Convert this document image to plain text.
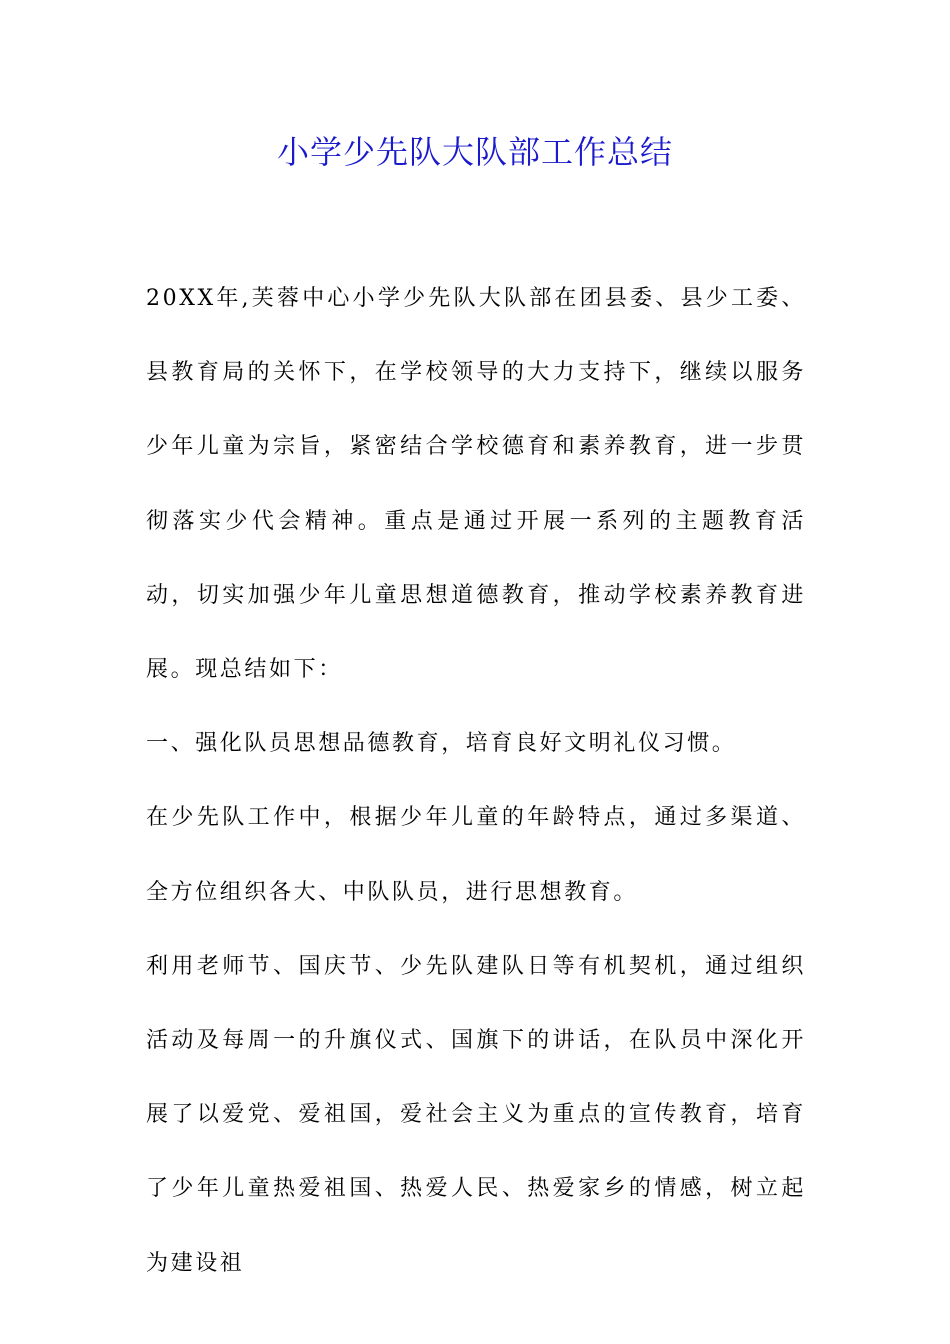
小学少先队大队部工作总结

20XX年,芙蓉中心小学少先队大队部在团县委、县少工委、县教育局的关怀下，在学校领导的大力支持下，继续以服务少年儿童为宗旨，紧密结合学校德育和素养教育，进一步贯彻落实少代会精神。重点是通过开展一系列的主题教育活动，切实加强少年儿童思想道德教育，推动学校素养教育进展。现总结如下：

一、强化队员思想品德教育，培育良好文明礼仪习惯。

在少先队工作中，根据少年儿童的年龄特点，通过多渠道、全方位组织各大、中队队员，进行思想教育。

利用老师节、国庆节、少先队建队日等有机契机，通过组织活动及每周一的升旗仪式、国旗下的讲话，在队员中深化开展了以爱党、爱祖国，爱社会主义为重点的宣传教育，培育了少年儿童热爱祖国、热爱人民、热爱家乡的情感，树立起为建设祖
